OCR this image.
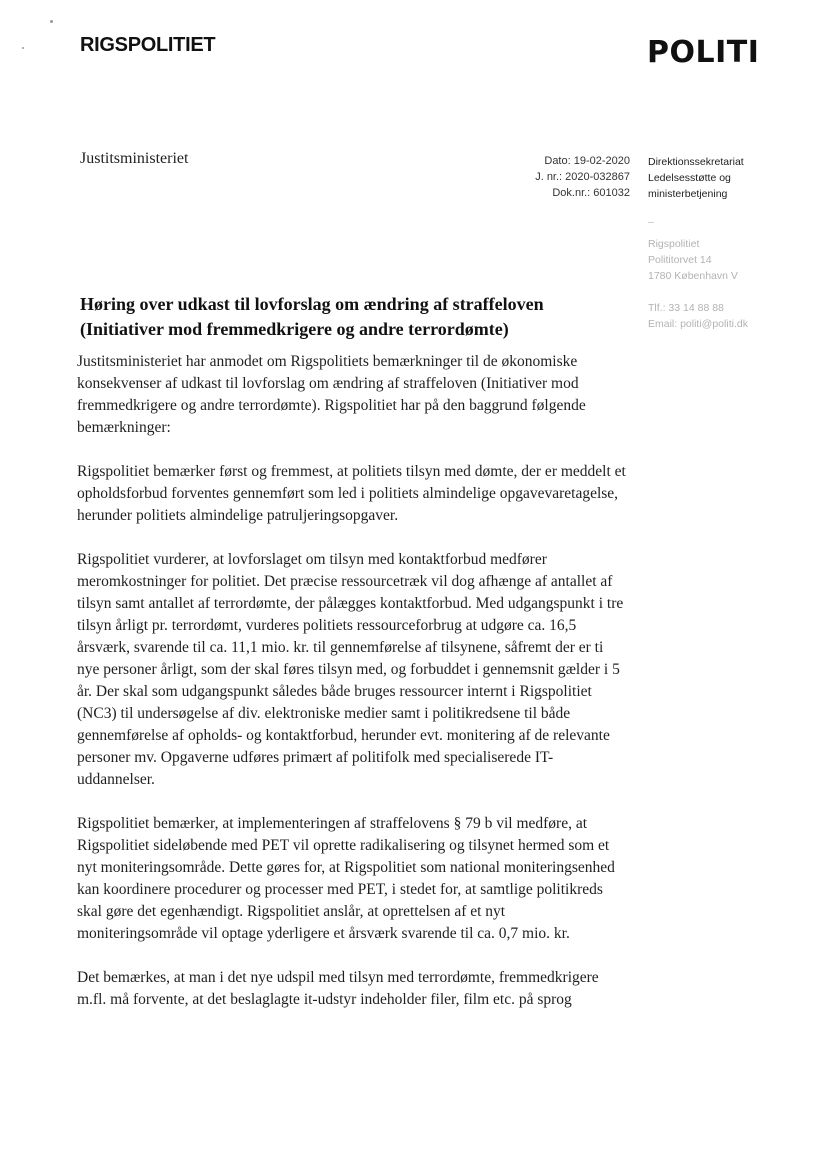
RIGSPOLITIET	POLITI
Justitsministeriet	Dato: 19-02-2020
J. nr.: 2020-032867
Dok.nr.: 601032
Direktionssekretariat
Ledelsesstøtte og
ministerbetjening
–
Rigspolitiet
Polititorvet 14
1780 København V
Tlf.: 33 14 88 88
Email: politi@politi.dk
Høring over udkast til lovforslag om ændring af straffeloven (Initiativer mod fremmedkrigere og andre terrordømte)

Justitsministeriet har anmodet om Rigspolitiets bemærkninger til de økonomiske konsekvenser af udkast til lovforslag om ændring af straffeloven (Initiativer mod fremmedkrigere og andre terrordømte). Rigspolitiet har på den baggrund følgende bemærkninger:

Rigspolitiet bemærker først og fremmest, at politiets tilsyn med dømte, der er meddelt et opholdsforbud forventes gennemført som led i politiets almindelige opgavevaretagelse, herunder politiets almindelige patruljeringsopgaver.

Rigspolitiet vurderer, at lovforslaget om tilsyn med kontaktforbud medfører meromkostninger for politiet. Det præcise ressourcetræk vil dog afhænge af antallet af tilsyn samt antallet af terrordømte, der pålægges kontaktforbud. Med udgangspunkt i tre tilsyn årligt pr. terrordømt, vurderes politiets ressourceforbrug at udgøre ca. 16,5 årsværk, svarende til ca. 11,1 mio. kr. til gennemførelse af tilsynene, såfremt der er ti nye personer årligt, som der skal føres tilsyn med, og forbuddet i gennemsnit gælder i 5 år. Der skal som udgangspunkt således både bruges ressourcer internt i Rigspolitiet (NC3) til undersøgelse af div. elektroniske medier samt i politikredsene til både gennemførelse af opholds- og kontaktforbud, herunder evt. monitering af de relevante personer mv. Opgaverne udføres primært af politifolk med specialiserede IT-uddannelser.

Rigspolitiet bemærker, at implementeringen af straffelovens § 79 b vil medføre, at Rigspolitiet sideløbende med PET vil oprette radikalisering og tilsynet hermed som et nyt moniteringsområde. Dette gøres for, at Rigspolitiet som national moniteringsenhed kan koordinere procedurer og processer med PET, i stedet for, at samtlige politikreds skal gøre det egenhændigt. Rigspolitiet anslår, at oprettelsen af et nyt moniteringsområde vil optage yderligere et årsværk svarende til ca. 0,7 mio. kr.

Det bemærkes, at man i det nye udspil med tilsyn med terrordømte, fremmedkrigere m.fl. må forvente, at det beslaglagte it-udstyr indeholder filer, film etc. på sprog
